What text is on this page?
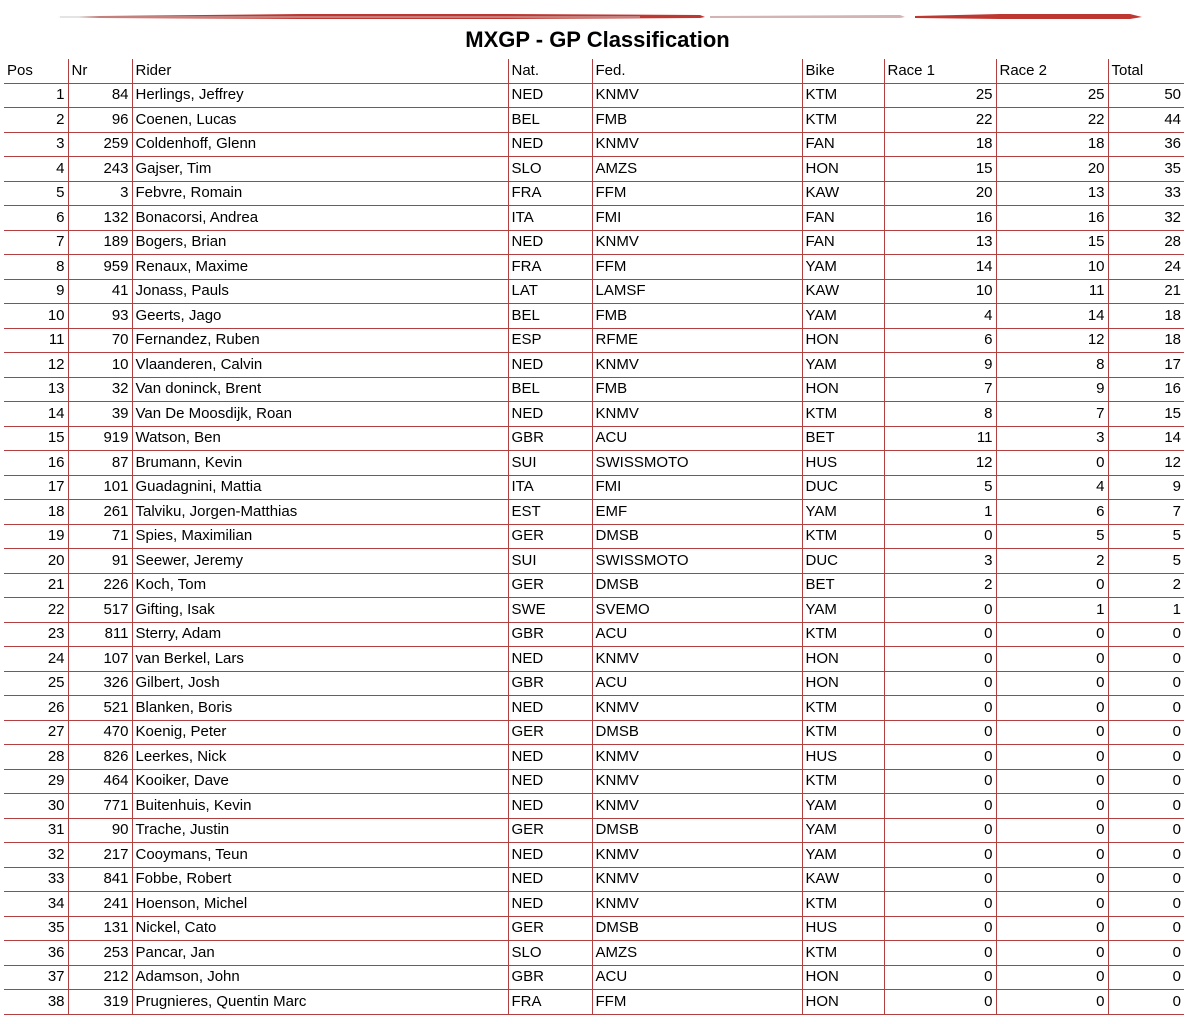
MXGP - GP Classification
Pos	Nr	Rider	Nat.	Fed.	Bike	Race 1	Race 2	Total
1	84	Herlings, Jeffrey	NED	KNMV	KTM	25	25	50
2	96	Coenen, Lucas	BEL	FMB	KTM	22	22	44
3	259	Coldenhoff, Glenn	NED	KNMV	FAN	18	18	36
4	243	Gajser, Tim	SLO	AMZS	HON	15	20	35
5	3	Febvre, Romain	FRA	FFM	KAW	20	13	33
6	132	Bonacorsi, Andrea	ITA	FMI	FAN	16	16	32
7	189	Bogers, Brian	NED	KNMV	FAN	13	15	28
8	959	Renaux, Maxime	FRA	FFM	YAM	14	10	24
9	41	Jonass, Pauls	LAT	LAMSF	KAW	10	11	21
10	93	Geerts, Jago	BEL	FMB	YAM	4	14	18
11	70	Fernandez, Ruben	ESP	RFME	HON	6	12	18
12	10	Vlaanderen, Calvin	NED	KNMV	YAM	9	8	17
13	32	Van doninck, Brent	BEL	FMB	HON	7	9	16
14	39	Van De Moosdijk, Roan	NED	KNMV	KTM	8	7	15
15	919	Watson, Ben	GBR	ACU	BET	11	3	14
16	87	Brumann, Kevin	SUI	SWISSMOTO	HUS	12	0	12
17	101	Guadagnini, Mattia	ITA	FMI	DUC	5	4	9
18	261	Talviku, Jorgen-Matthias	EST	EMF	YAM	1	6	7
19	71	Spies, Maximilian	GER	DMSB	KTM	0	5	5
20	91	Seewer, Jeremy	SUI	SWISSMOTO	DUC	3	2	5
21	226	Koch, Tom	GER	DMSB	BET	2	0	2
22	517	Gifting, Isak	SWE	SVEMO	YAM	0	1	1
23	811	Sterry, Adam	GBR	ACU	KTM	0	0	0
24	107	van Berkel, Lars	NED	KNMV	HON	0	0	0
25	326	Gilbert, Josh	GBR	ACU	HON	0	0	0
26	521	Blanken, Boris	NED	KNMV	KTM	0	0	0
27	470	Koenig, Peter	GER	DMSB	KTM	0	0	0
28	826	Leerkes, Nick	NED	KNMV	HUS	0	0	0
29	464	Kooiker, Dave	NED	KNMV	KTM	0	0	0
30	771	Buitenhuis, Kevin	NED	KNMV	YAM	0	0	0
31	90	Trache, Justin	GER	DMSB	YAM	0	0	0
32	217	Cooymans, Teun	NED	KNMV	YAM	0	0	0
33	841	Fobbe, Robert	NED	KNMV	KAW	0	0	0
34	241	Hoenson, Michel	NED	KNMV	KTM	0	0	0
35	131	Nickel, Cato	GER	DMSB	HUS	0	0	0
36	253	Pancar, Jan	SLO	AMZS	KTM	0	0	0
37	212	Adamson, John	GBR	ACU	HON	0	0	0
38	319	Prugnieres, Quentin Marc	FRA	FFM	HON	0	0	0
